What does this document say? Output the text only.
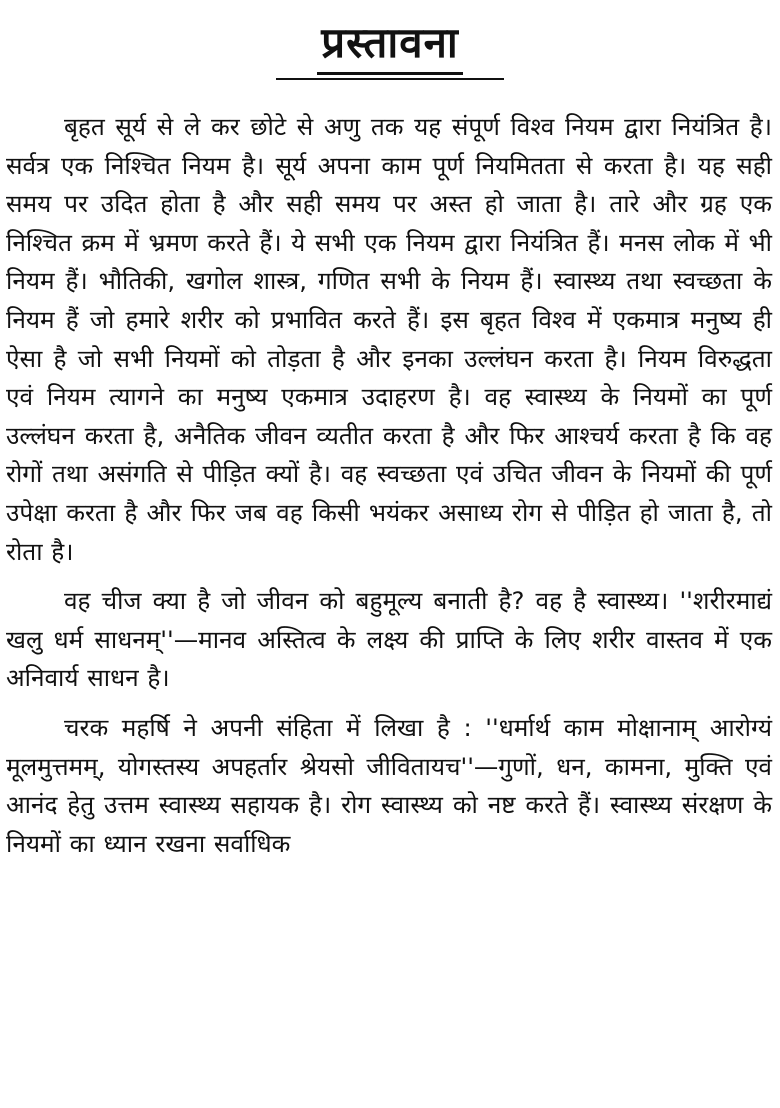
प्रस्तावना

बृहत सूर्य से ले कर छोटे से अणु तक यह संपूर्ण विश्व नियम द्वारा नियंत्रित है। सर्वत्र एक निश्चित नियम है। सूर्य अपना काम पूर्ण नियमितता से करता है। यह सही समय पर उदित होता है और सही समय पर अस्त हो जाता है। तारे और ग्रह एक निश्चित क्रम में भ्रमण करते हैं। ये सभी एक नियम द्वारा नियंत्रित हैं। मनस लोक में भी नियम हैं। भौतिकी, खगोल शास्त्र, गणित सभी के नियम हैं। स्वास्थ्य तथा स्वच्छता के नियम हैं जो हमारे शरीर को प्रभावित करते हैं। इस बृहत विश्व में एकमात्र मनुष्य ही ऐसा है जो सभी नियमों को तोड़ता है और इनका उल्लंघन करता है। नियम विरुद्धता एवं नियम त्यागने का मनुष्य एकमात्र उदाहरण है। वह स्वास्थ्य के नियमों का पूर्ण उल्लंघन करता है, अनैतिक जीवन व्यतीत करता है और फिर आश्चर्य करता है कि वह रोगों तथा असंगति से पीड़ित क्यों है। वह स्वच्छता एवं उचित जीवन के नियमों की पूर्ण उपेक्षा करता है और फिर जब वह किसी भयंकर असाध्य रोग से पीड़ित हो जाता है, तो रोता है।

वह चीज क्या है जो जीवन को बहुमूल्य बनाती है? वह है स्वास्थ्य। ''शरीरमाद्यं खलु धर्म साधनम्''—मानव अस्तित्व के लक्ष्य की प्राप्ति के लिए शरीर वास्तव में एक अनिवार्य साधन है।

चरक महर्षि ने अपनी संहिता में लिखा है : ''धर्मार्थ काम मोक्षानाम् आरोग्यं मूलमुत्तमम्, योगस्तस्य अपहर्तार श्रेयसो जीवितायच''—गुणों, धन, कामना, मुक्ति एवं आनंद हेतु उत्तम स्वास्थ्य सहायक है। रोग स्वास्थ्य को नष्ट करते हैं। स्वास्थ्य संरक्षण के नियमों का ध्यान रखना सर्वाधिक
